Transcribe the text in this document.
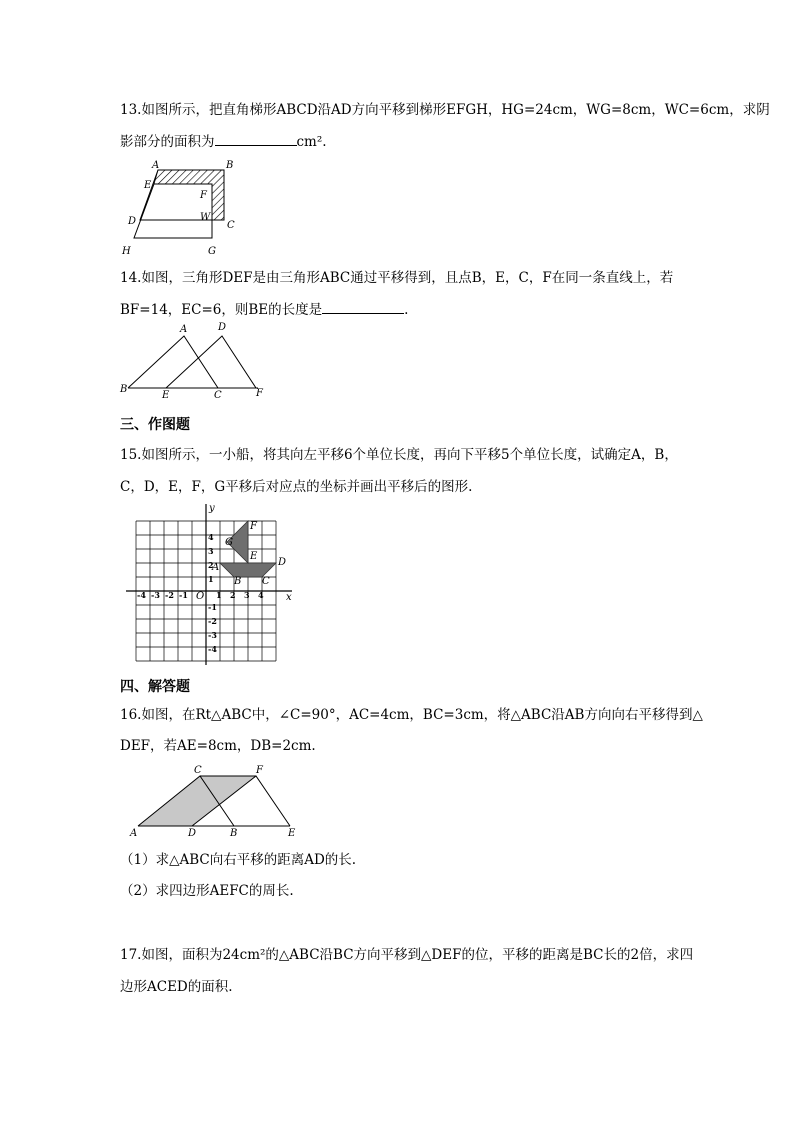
13.如图所示，把直角梯形ABCD沿AD方向平移到梯形EFGH，HG=24cm，WG=8cm，WC=6cm，求阴
影部分的面积为	cm².
A	B
E
F
W
C
D
H	G
14.如图，三角形DEF是由三角形ABC通过平移得到，且点B，E，C，F在同一条直线上，若
BF=14，EC=6，则BE的长度是	.
A	D
B
E	C	F
三、作图题
15.如图所示，一小船，将其向左平移6个单位长度，再向下平移5个单位长度，试确定A，B，
C，D，E，F，G平移后对应点的坐标并画出平移后的图形.
x
y
O
-4 -3 -2 -1	1 2 3 4
4
3
2
1
-1
-2
-3
-4
F
G
E
D
A
B C
四、解答题
16.如图，在Rt△ABC中，∠C=90°，AC=4cm，BC=3cm，将△ABC沿AB方向向右平移得到△
DEF，若AE=8cm，DB=2cm.
C	F
A	D	B	E
（1）求△ABC向右平移的距离AD的长.
（2）求四边形AEFC的周长.
17.如图，面积为24cm²的△ABC沿BC方向平移到△DEF的位，平移的距离是BC长的2倍，求四
边形ACED的面积.
